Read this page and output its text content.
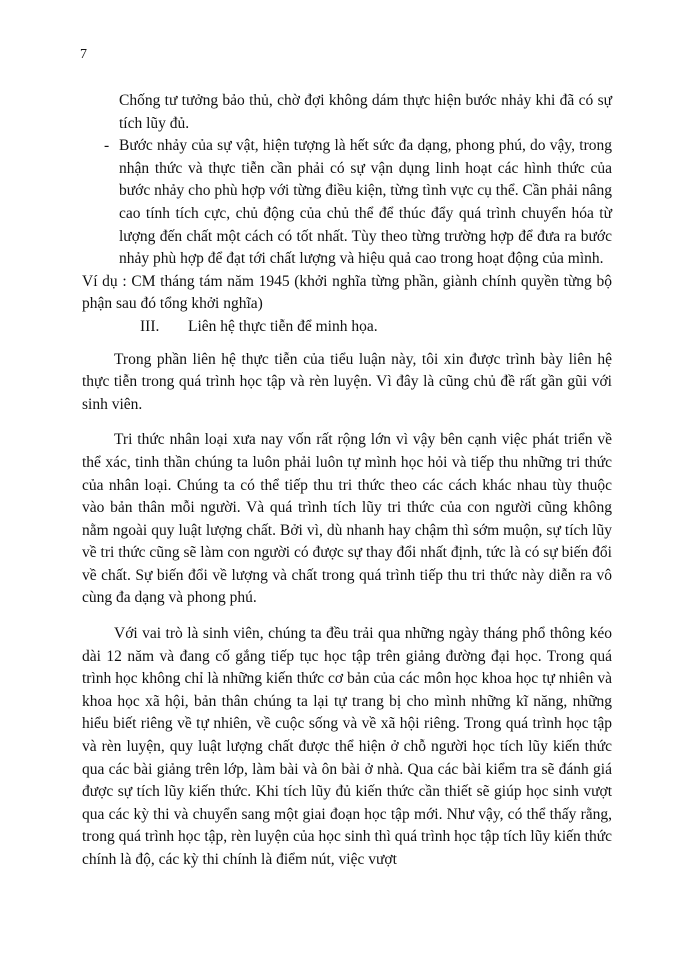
7

Chống tư tưởng bảo thủ, chờ đợi không dám thực hiện bước nhảy khi đã có sự tích lũy đủ.

- Bước nhảy của sự vật, hiện tượng là hết sức đa dạng, phong phú, do vậy, trong nhận thức và thực tiễn cần phải có sự vận dụng linh hoạt các hình thức của bước nhảy cho phù hợp với từng điều kiện, từng tình vực cụ thể. Cần phải nâng cao tính tích cực, chủ động của chủ thể để thúc đẩy quá trình chuyển hóa từ lượng đến chất một cách có tốt nhất. Tùy theo từng trường hợp để đưa ra bước nhảy phù hợp để đạt tới chất lượng và hiệu quả cao trong hoạt động của mình.

Ví dụ : CM tháng tám năm 1945 (khởi nghĩa từng phần, giành chính quyền từng bộ phận sau đó tổng khởi nghĩa)

III. Liên hệ thực tiễn để minh họa.

Trong phần liên hệ thực tiễn của tiểu luận này, tôi xin được trình bày liên hệ thực tiễn trong quá trình học tập và rèn luyện. Vì đây là cũng chủ đề rất gần gũi với sinh viên.

Tri thức nhân loại xưa nay vốn rất rộng lớn vì vậy bên cạnh việc phát triển về thể xác, tinh thần chúng ta luôn phải luôn tự mình học hỏi và tiếp thu những tri thức của nhân loại. Chúng ta có thể tiếp thu tri thức theo các cách khác nhau tùy thuộc vào bản thân mỗi người. Và quá trình tích lũy tri thức của con người cũng không nằm ngoài quy luật lượng chất. Bởi vì, dù nhanh hay chậm thì sớm muộn, sự tích lũy về tri thức cũng sẽ làm con người có được sự thay đổi nhất định, tức là có sự biến đổi về chất. Sự biến đổi về lượng và chất trong quá trình tiếp thu tri thức này diễn ra vô cùng đa dạng và phong phú.

Với vai trò là sinh viên, chúng ta đều trải qua những ngày tháng phổ thông kéo dài 12 năm và đang cố gắng tiếp tục học tập trên giảng đường đại học. Trong quá trình học không chỉ là những kiến thức cơ bản của các môn học khoa học tự nhiên và khoa học xã hội, bản thân chúng ta lại tự trang bị cho mình những kĩ năng, những hiểu biết riêng về tự nhiên, về cuộc sống và về xã hội riêng. Trong quá trình học tập và rèn luyện, quy luật lượng chất được thể hiện ở chỗ người học tích lũy kiến thức qua các bài giảng trên lớp, làm bài và ôn bài ở nhà. Qua các bài kiểm tra sẽ đánh giá được sự tích lũy kiến thức. Khi tích lũy đủ kiến thức cần thiết sẽ giúp học sinh vượt qua các kỳ thi và chuyển sang một giai đoạn học tập mới. Như vậy, có thể thấy rằng, trong quá trình học tập, rèn luyện của học sinh thì quá trình học tập tích lũy kiến thức chính là độ, các kỳ thi chính là điểm nút, việc vượt
